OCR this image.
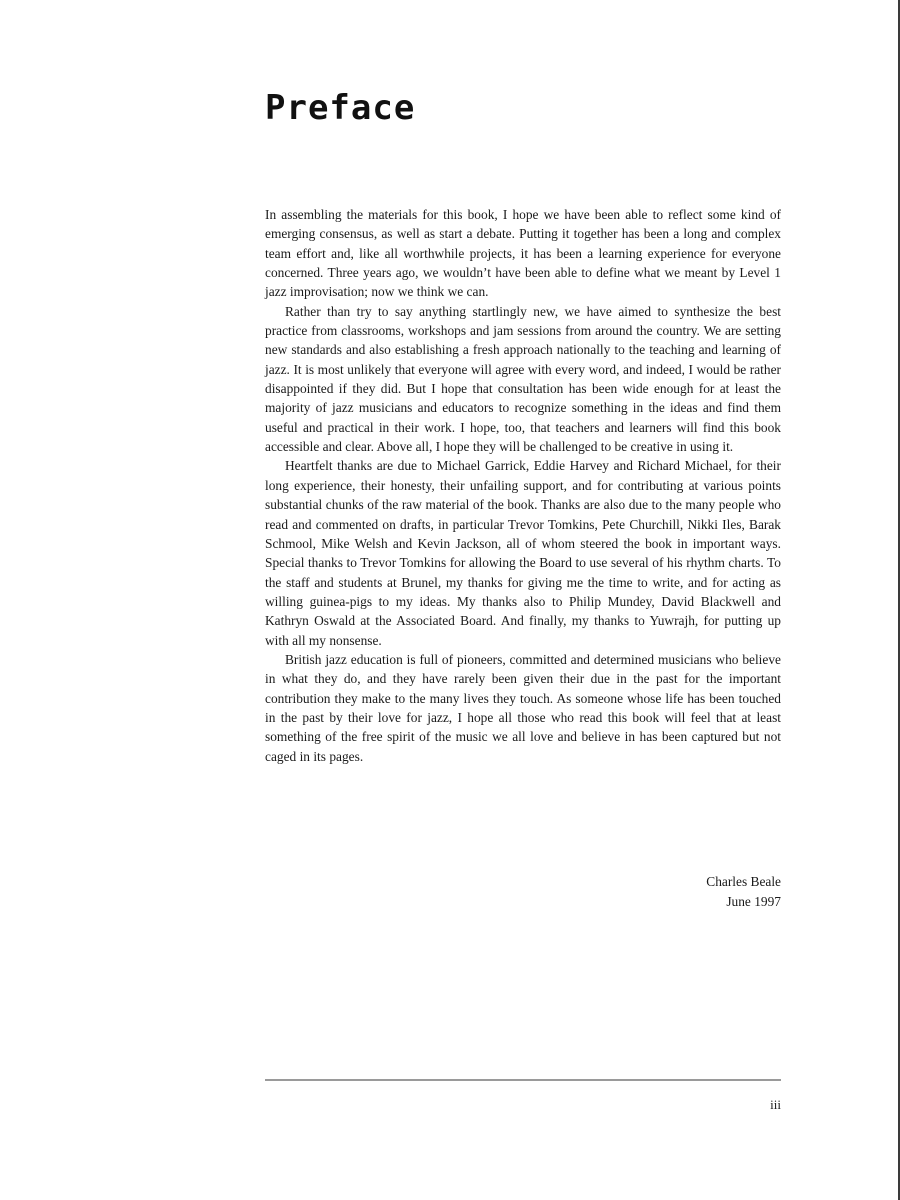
Preface

In assembling the materials for this book, I hope we have been able to reflect some kind of emerging consensus, as well as start a debate. Putting it together has been a long and complex team effort and, like all worthwhile projects, it has been a learning experience for everyone concerned. Three years ago, we wouldn’t have been able to define what we meant by Level 1 jazz improvisation; now we think we can.

Rather than try to say anything startlingly new, we have aimed to synthesize the best practice from classrooms, workshops and jam sessions from around the country. We are setting new standards and also establishing a fresh approach nationally to the teaching and learning of jazz. It is most unlikely that everyone will agree with every word, and indeed, I would be rather disappointed if they did. But I hope that consultation has been wide enough for at least the majority of jazz musicians and educators to recognize something in the ideas and find them useful and practical in their work. I hope, too, that teachers and learners will find this book accessible and clear. Above all, I hope they will be challenged to be creative in using it.

Heartfelt thanks are due to Michael Garrick, Eddie Harvey and Richard Michael, for their long experience, their honesty, their unfailing support, and for contributing at various points substantial chunks of the raw material of the book. Thanks are also due to the many people who read and commented on drafts, in particular Trevor Tomkins, Pete Churchill, Nikki Iles, Barak Schmool, Mike Welsh and Kevin Jackson, all of whom steered the book in important ways. Special thanks to Trevor Tomkins for allowing the Board to use several of his rhythm charts. To the staff and students at Brunel, my thanks for giving me the time to write, and for acting as willing guinea-pigs to my ideas. My thanks also to Philip Mundey, David Blackwell and Kathryn Oswald at the Associated Board. And finally, my thanks to Yuwrajh, for putting up with all my nonsense.

British jazz education is full of pioneers, committed and determined musicians who believe in what they do, and they have rarely been given their due in the past for the important contribution they make to the many lives they touch. As someone whose life has been touched in the past by their love for jazz, I hope all those who read this book will feel that at least something of the free spirit of the music we all love and believe in has been captured but not caged in its pages.

Charles Beale
June 1997
iii
